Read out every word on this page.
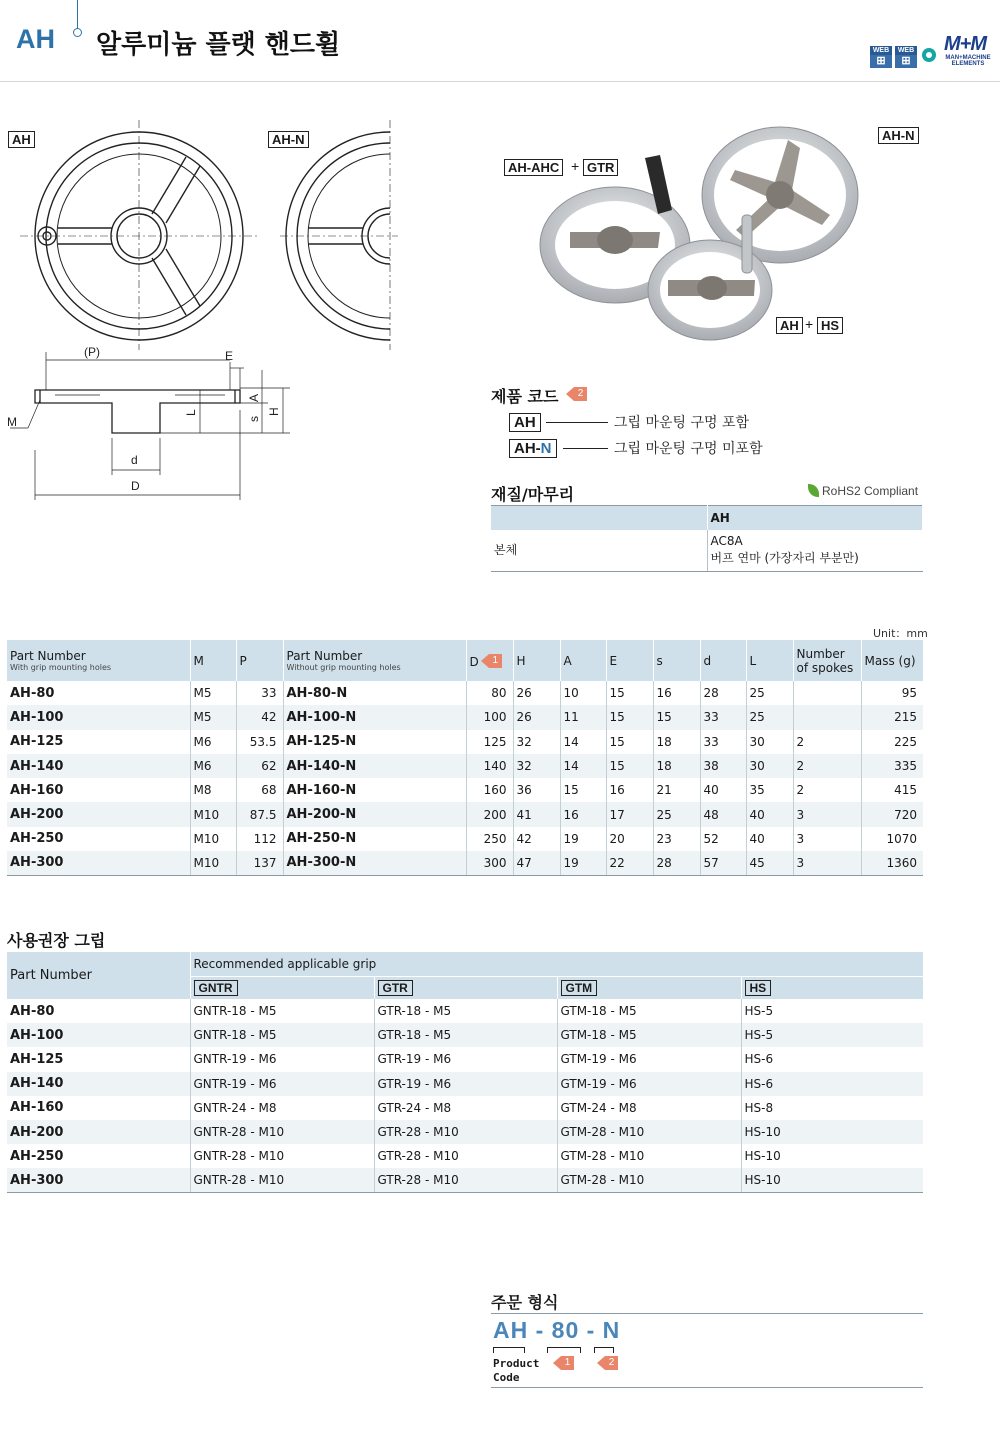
AH 알루미늄 플랫 핸드휠	WEB
⊞
WEB
⊞
M+M
MAN+MACHINE ELEMENTS
AH	AH-N
(P)	E
M
d
D
L
A
s
H
AH-AHC + GTR
AH-N
AH + HS
제품 코드	2
AH	그립 마운팅 구멍 포함
AH-N	그립 마운팅 구멍 미포함
재질/마무리	RoHS2 Compliant
	AH
본체	AC8A
버프 연마 (가장자리 부분만)
Unit：mm
Part Number
With grip mounting holes	M	P	Part Number
Without grip mounting holes	D 1	H	A	E	s	d	L	Number
of spokes	Mass (g)
AH-80	M5	33	AH-80-N	80	26	10	15	16	28	25		95
AH-100	M5	42	AH-100-N	100	26	11	15	15	33	25		215
AH-125	M6	53.5	AH-125-N	125	32	14	15	18	33	30	2	225
AH-140	M6	62	AH-140-N	140	32	14	15	18	38	30	2	335
AH-160	M8	68	AH-160-N	160	36	15	16	21	40	35	2	415
AH-200	M10	87.5	AH-200-N	200	41	16	17	25	48	40	3	720
AH-250	M10	112	AH-250-N	250	42	19	20	23	52	40	3	1070
AH-300	M10	137	AH-300-N	300	47	19	22	28	57	45	3	1360
사용권장 그립
Part Number	Recommended applicable grip			
	GNTR	GTR	GTM	HS
AH-80	GNTR-18 - M5	GTR-18 - M5	GTM-18 - M5	HS-5
AH-100	GNTR-18 - M5	GTR-18 - M5	GTM-18 - M5	HS-5
AH-125	GNTR-19 - M6	GTR-19 - M6	GTM-19 - M6	HS-6
AH-140	GNTR-19 - M6	GTR-19 - M6	GTM-19 - M6	HS-6
AH-160	GNTR-24 - M8	GTR-24 - M8	GTM-24 - M8	HS-8
AH-200	GNTR-28 - M10	GTR-28 - M10	GTM-28 - M10	HS-10
AH-250	GNTR-28 - M10	GTR-28 - M10	GTM-28 - M10	HS-10
AH-300	GNTR-28 - M10	GTR-28 - M10	GTM-28 - M10	HS-10
주문 형식
AH - 80 - N
Product
Code
1	2
